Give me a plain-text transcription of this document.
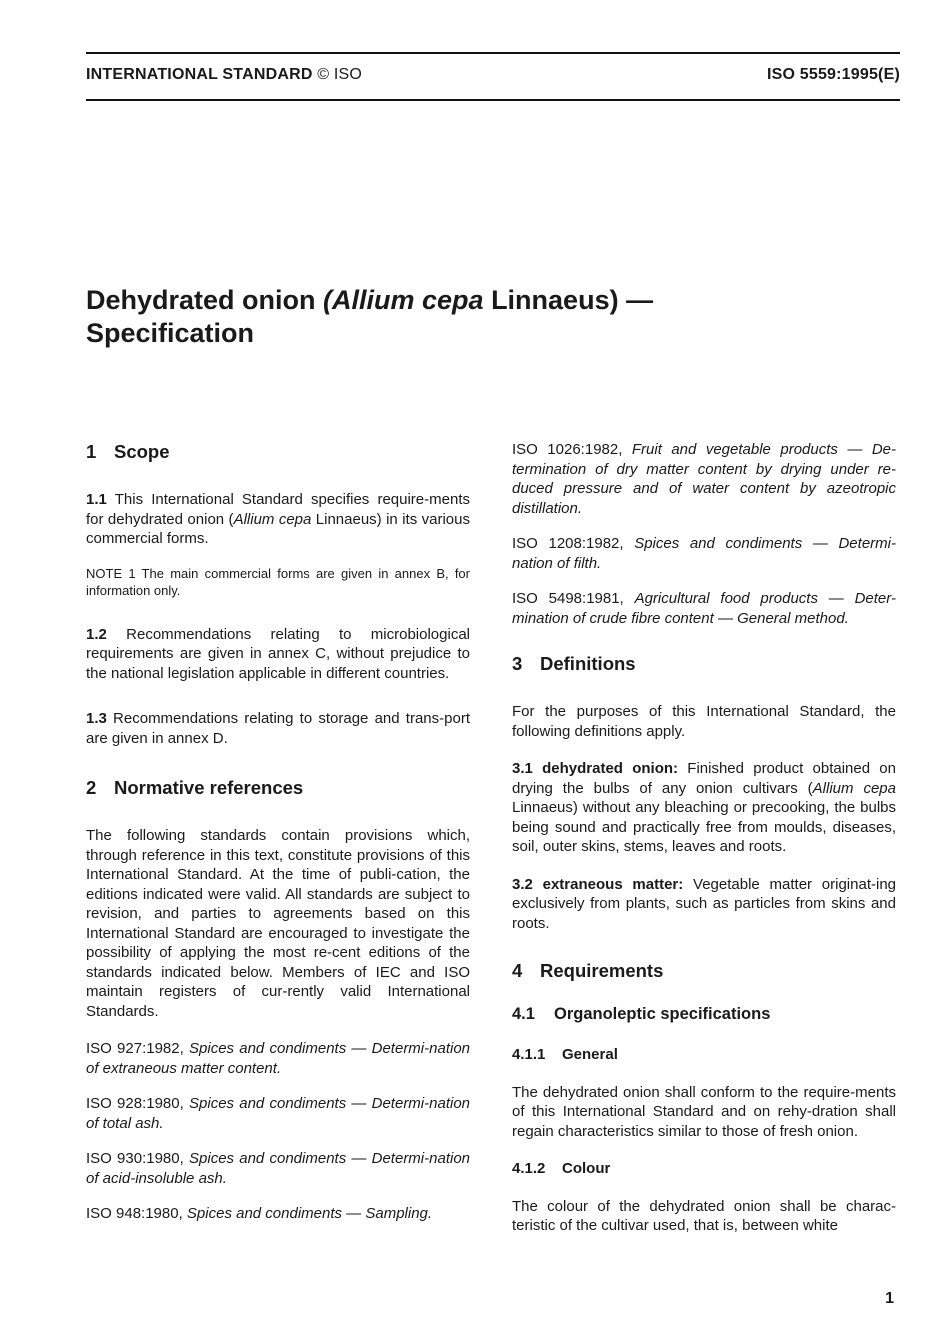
INTERNATIONAL STANDARD © ISO	ISO 5559:1995(E)
Dehydrated onion (Allium cepa Linnaeus) —
Specification
1 Scope

1.1 This International Standard specifies require-ments for dehydrated onion (Allium cepa Linnaeus) in its various commercial forms.

NOTE 1 The main commercial forms are given in annex B, for information only.

1.2 Recommendations relating to microbiological requirements are given in annex C, without prejudice to the national legislation applicable in different countries.

1.3 Recommendations relating to storage and trans-port are given in annex D.

2 Normative references

The following standards contain provisions which, through reference in this text, constitute provisions of this International Standard. At the time of publi-cation, the editions indicated were valid. All standards are subject to revision, and parties to agreements based on this International Standard are encouraged to investigate the possibility of applying the most re-cent editions of the standards indicated below. Members of IEC and ISO maintain registers of cur-rently valid International Standards.

ISO 927:1982, Spices and condiments — Determi-nation of extraneous matter content.

ISO 928:1980, Spices and condiments — Determi-nation of total ash.

ISO 930:1980, Spices and condiments — Determi-nation of acid-insoluble ash.

ISO 948:1980, Spices and condiments — Sampling.

ISO 1026:1982, Fruit and vegetable products — De-termination of dry matter content by drying under re-duced pressure and of water content by azeotropic distillation.

ISO 1208:1982, Spices and condiments — Determi-nation of filth.

ISO 5498:1981, Agricultural food products — Deter-mination of crude fibre content — General method.

3 Definitions

For the purposes of this International Standard, the following definitions apply.

3.1 dehydrated onion: Finished product obtained on drying the bulbs of any onion cultivars (Allium cepa Linnaeus) without any bleaching or precooking, the bulbs being sound and practically free from moulds, diseases, soil, outer skins, stems, leaves and roots.

3.2 extraneous matter: Vegetable matter originat-ing exclusively from plants, such as particles from skins and roots.

4 Requirements
4.1 Organoleptic specifications
4.1.1 General

The dehydrated onion shall conform to the require-ments of this International Standard and on rehy-dration shall regain characteristics similar to those of fresh onion.

4.1.2 Colour

The colour of the dehydrated onion shall be charac-teristic of the cultivar used, that is, between white

1
